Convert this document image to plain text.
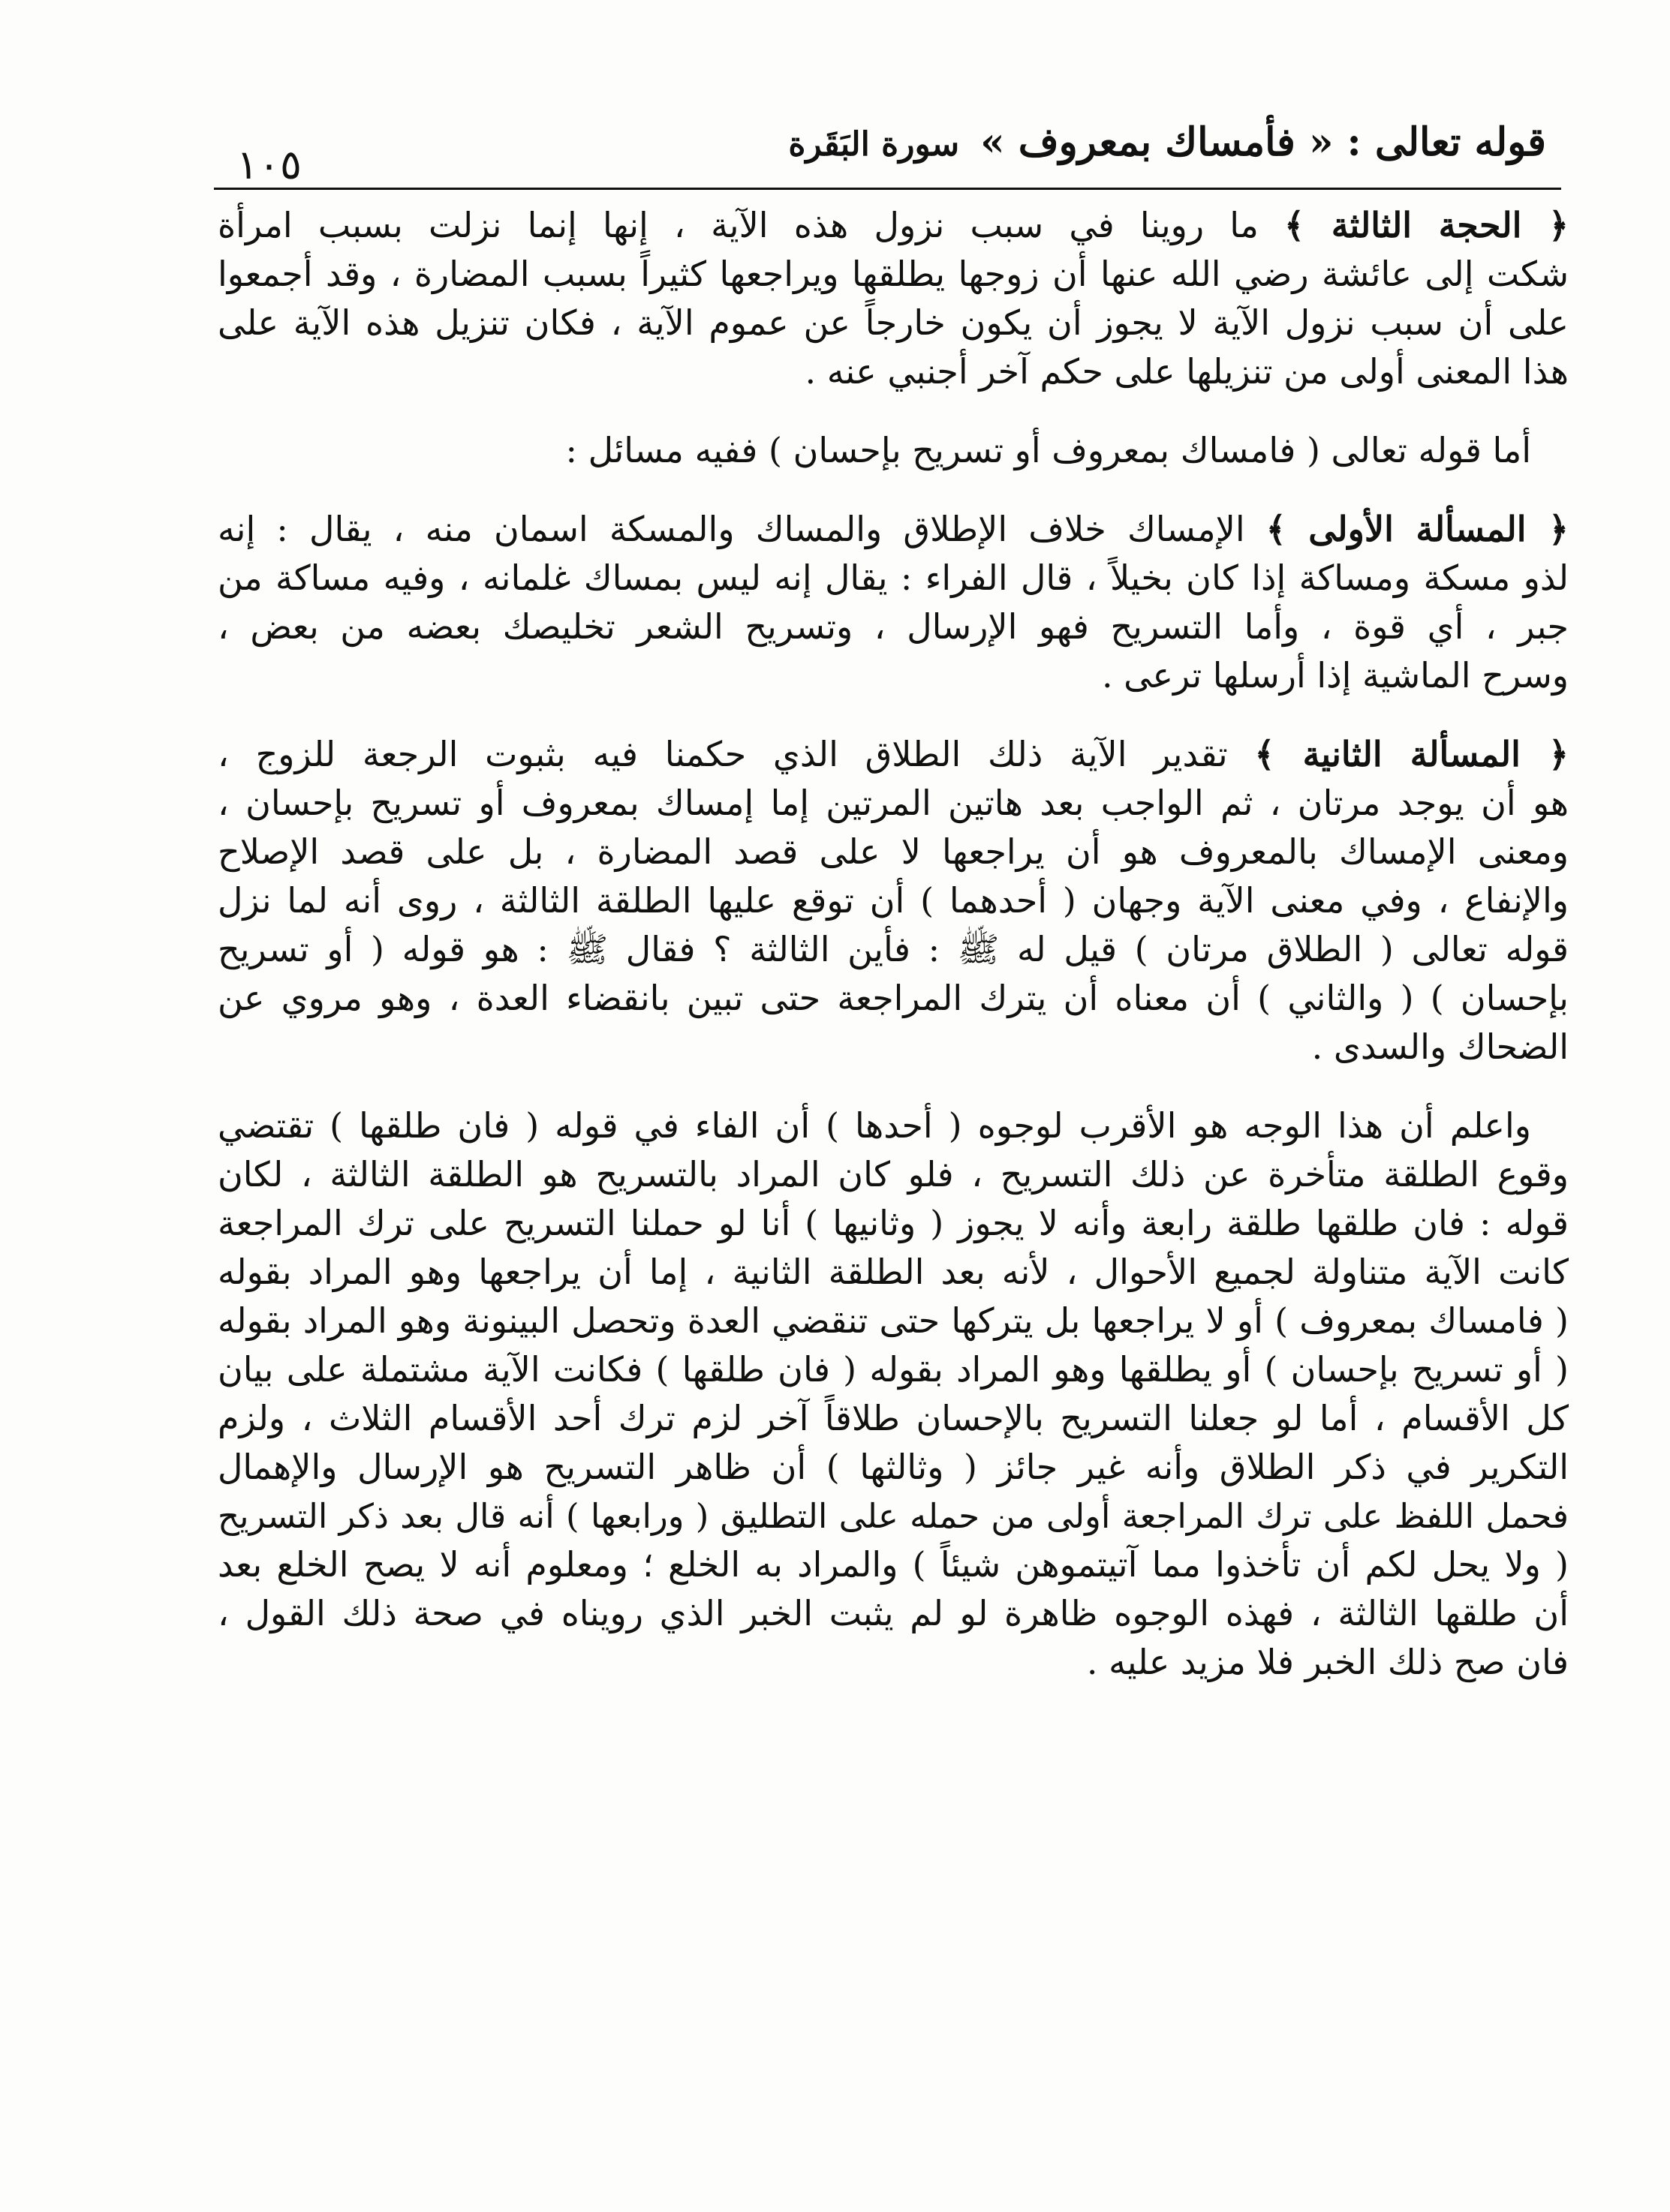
١٠٥	قوله تعالى : « فأمساك بمعروف » سورة البَقَرة
﴿ الحجة الثالثة ﴾ ما روينا في سبب نزول هذه الآية ، إنها إنما نزلت بسبب امرأة
شكت إلى عائشة رضي الله عنها أن زوجها يطلقها ويراجعها كثيراً بسبب المضارة ، وقد أجمعوا
على أن سبب نزول الآية لا يجوز أن يكون خارجاً عن عموم الآية ، فكان تنزيل هذه الآية على
هذا المعنى أولى من تنزيلها على حكم آخر أجنبي عنه .
أما قوله تعالى ( فامساك بمعروف أو تسريح بإحسان ) ففيه مسائل :
﴿ المسألة الأولى ﴾ الإمساك خلاف الإطلاق والمساك والمسكة اسمان منه ، يقال : إنه
لذو مسكة ومساكة إذا كان بخيلاً ، قال الفراء : يقال إنه ليس بمساك غلمانه ، وفيه مساكة من
جبر ، أي قوة ، وأما التسريح فهو الإرسال ، وتسريح الشعر تخليصك بعضه من بعض ،
وسرح الماشية إذا أرسلها ترعى .
﴿ المسألة الثانية ﴾ تقدير الآية ذلك الطلاق الذي حكمنا فيه بثبوت الرجعة للزوج ،
هو أن يوجد مرتان ، ثم الواجب بعد هاتين المرتين إما إمساك بمعروف أو تسريح بإحسان ،
ومعنى الإمساك بالمعروف هو أن يراجعها لا على قصد المضارة ، بل على قصد الإصلاح
والإنفاع ، وفي معنى الآية وجهان ( أحدهما ) أن توقع عليها الطلقة الثالثة ، روى أنه لما نزل
قوله تعالى ( الطلاق مرتان ) قيل له ﷺ : فأين الثالثة ؟ فقال ﷺ : هو قوله ( أو تسريح
بإحسان ) ( والثاني ) أن معناه أن يترك المراجعة حتى تبين بانقضاء العدة ، وهو مروي عن
الضحاك والسدى .
واعلم أن هذا الوجه هو الأقرب لوجوه ( أحدها ) أن الفاء في قوله ( فان طلقها ) تقتضي
وقوع الطلقة متأخرة عن ذلك التسريح ، فلو كان المراد بالتسريح هو الطلقة الثالثة ، لكان
قوله : فان طلقها طلقة رابعة وأنه لا يجوز ( وثانيها ) أنا لو حملنا التسريح على ترك المراجعة
كانت الآية متناولة لجميع الأحوال ، لأنه بعد الطلقة الثانية ، إما أن يراجعها وهو المراد بقوله
( فامساك بمعروف ) أو لا يراجعها بل يتركها حتى تنقضي العدة وتحصل البينونة وهو المراد بقوله
( أو تسريح بإحسان ) أو يطلقها وهو المراد بقوله ( فان طلقها ) فكانت الآية مشتملة على بيان
كل الأقسام ، أما لو جعلنا التسريح بالإحسان طلاقاً آخر لزم ترك أحد الأقسام الثلاث ، ولزم
التكرير في ذكر الطلاق وأنه غير جائز ( وثالثها ) أن ظاهر التسريح هو الإرسال والإهمال
فحمل اللفظ على ترك المراجعة أولى من حمله على التطليق ( ورابعها ) أنه قال بعد ذكر التسريح
( ولا يحل لكم أن تأخذوا مما آتيتموهن شيئاً ) والمراد به الخلع ؛ ومعلوم أنه لا يصح الخلع بعد
أن طلقها الثالثة ، فهذه الوجوه ظاهرة لو لم يثبت الخبر الذي رويناه في صحة ذلك القول ،
فان صح ذلك الخبر فلا مزيد عليه .
